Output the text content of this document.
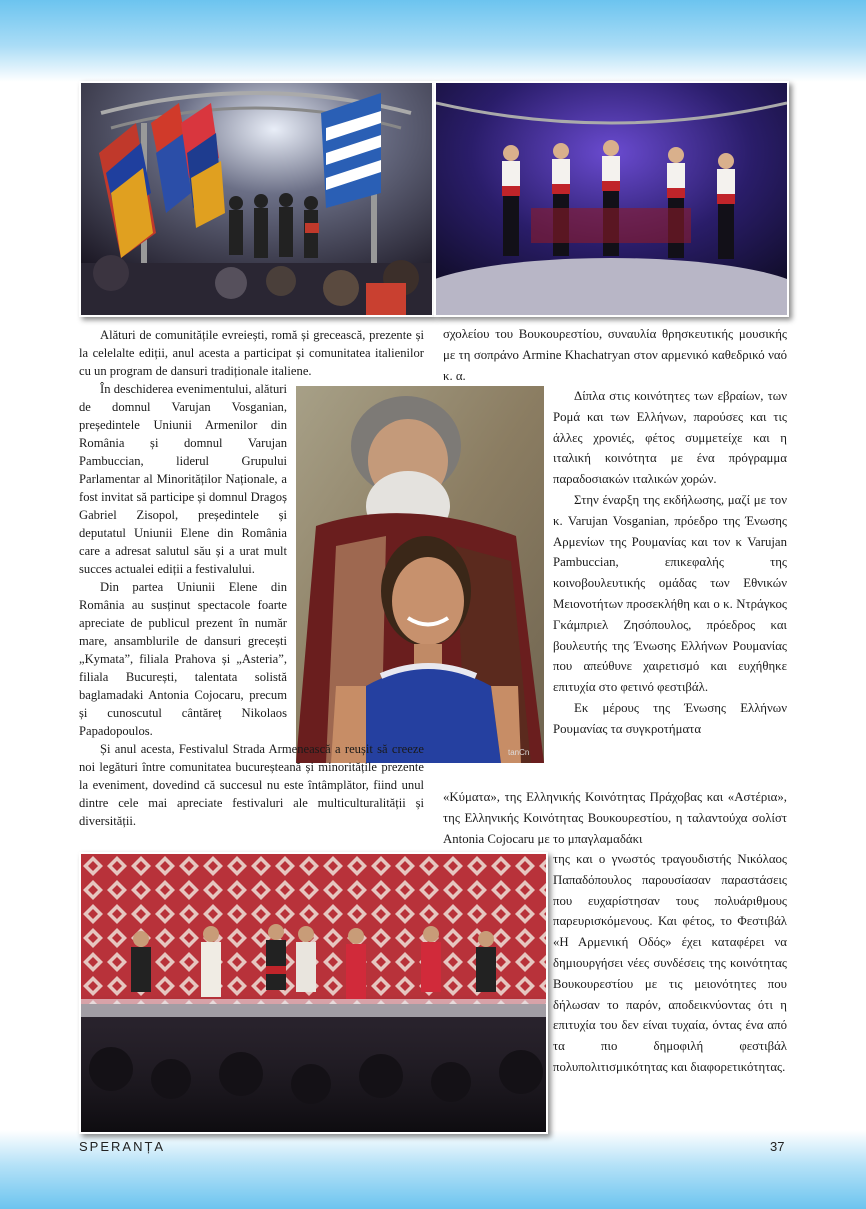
tanCn

Alături de comunitățile evreiești, romă și grecească, prezente și la celelalte ediții, anul acesta a participat și comunitatea italienilor cu un program de dansuri tradiționale italiene.

În deschiderea evenimentului, alături de domnul Varujan Vosganian, președintele Uniunii Armenilor din România și domnul Varujan Pambuccian, liderul Grupului Parlamentar al Minorităților Naționale, a fost invitat să participe și domnul Dragoș Gabriel Zisopol, președintele și deputatul Uniunii Elene din România care a adresat salutul său și a urat mult succes actualei ediții a festivalului.

Din partea Uniunii Elene din România au susținut spectacole foarte apreciate de publicul prezent în număr mare, ansamblurile de dansuri grecești „Kymata”, filiala Prahova și „Asteria”, filiala București, talentata solistă baglamadaki Antonia Cojocaru, precum și cunoscutul cântăreț Nikolaos Papadopoulos.

Și anul acesta, Festivalul Strada Armenească a reușit să creeze noi legături între comunitatea bucureșteană și minoritățile prezente la eveniment, dovedind că succesul nu este întâmplător, fiind unul dintre cele mai apreciate festivaluri ale multiculturalității și diversității.

σχολείου του Βουκουρεστίου, συναυλία θρησκευτικής μουσικής με τη σοπράνο Armine Khachatryan στον αρμενικό καθεδρικό ναό κ. α.

Δίπλα στις κοινότητες των εβραίων, των Ρομά και των Ελλήνων, παρούσες και τις άλλες χρονιές, φέτος συμμετείχε και η ιταλική κοινότητα με ένα πρόγραμμα παραδοσιακών ιταλικών χορών.

Στην έναρξη της εκδήλωσης, μαζί με τον κ. Varujan Vosganian, πρόεδρο της Ένωσης Αρμενίων της Ρουμανίας και τον κ Varujan Pambuccian, επικεφαλής της κοινοβουλευτικής ομάδας των Εθνικών Μειονοτήτων προσεκλήθη και ο κ. Ντράγκος Γκάμπριελ Ζησόπουλος, πρόεδρος και βουλευτής της Ένωσης Ελλήνων Ρουμανίας που απεύθυνε χαιρετισμό και ευχήθηκε επιτυχία στο φετινό φεστιβάλ.

Εκ μέρους της Ένωσης Ελλήνων Ρουμανίας τα συγκροτήματα

«Κύματα», της Ελληνικής Κοινότητας Πράχοβας και «Αστέρια», της Ελληνικής Κοινότητας Βουκουρεστίου, η ταλαντούχα σολίστ Antonia Cojocaru με το μπαγλαμαδάκι

της και ο γνωστός τραγουδιστής Νικόλαος Παπαδόπουλος παρουσίασαν παραστάσεις που ευχαρίστησαν τους πολυάριθμους παρευρισκόμενους. Και φέτος, το Φεστιβάλ «Η Αρμενική Οδός» έχει καταφέρει να δημιουργήσει νέες συνδέσεις της κοινότητας Βουκουρεστίου με τις μειονότητες που δήλωσαν το παρόν, αποδεικνύοντας ότι η επιτυχία του δεν είναι τυχαία, όντας ένα από τα πιο δημοφιλή φεστιβάλ πολυπολιτισμικότητας και διαφορετικότητας.

SPERANȚA	37
